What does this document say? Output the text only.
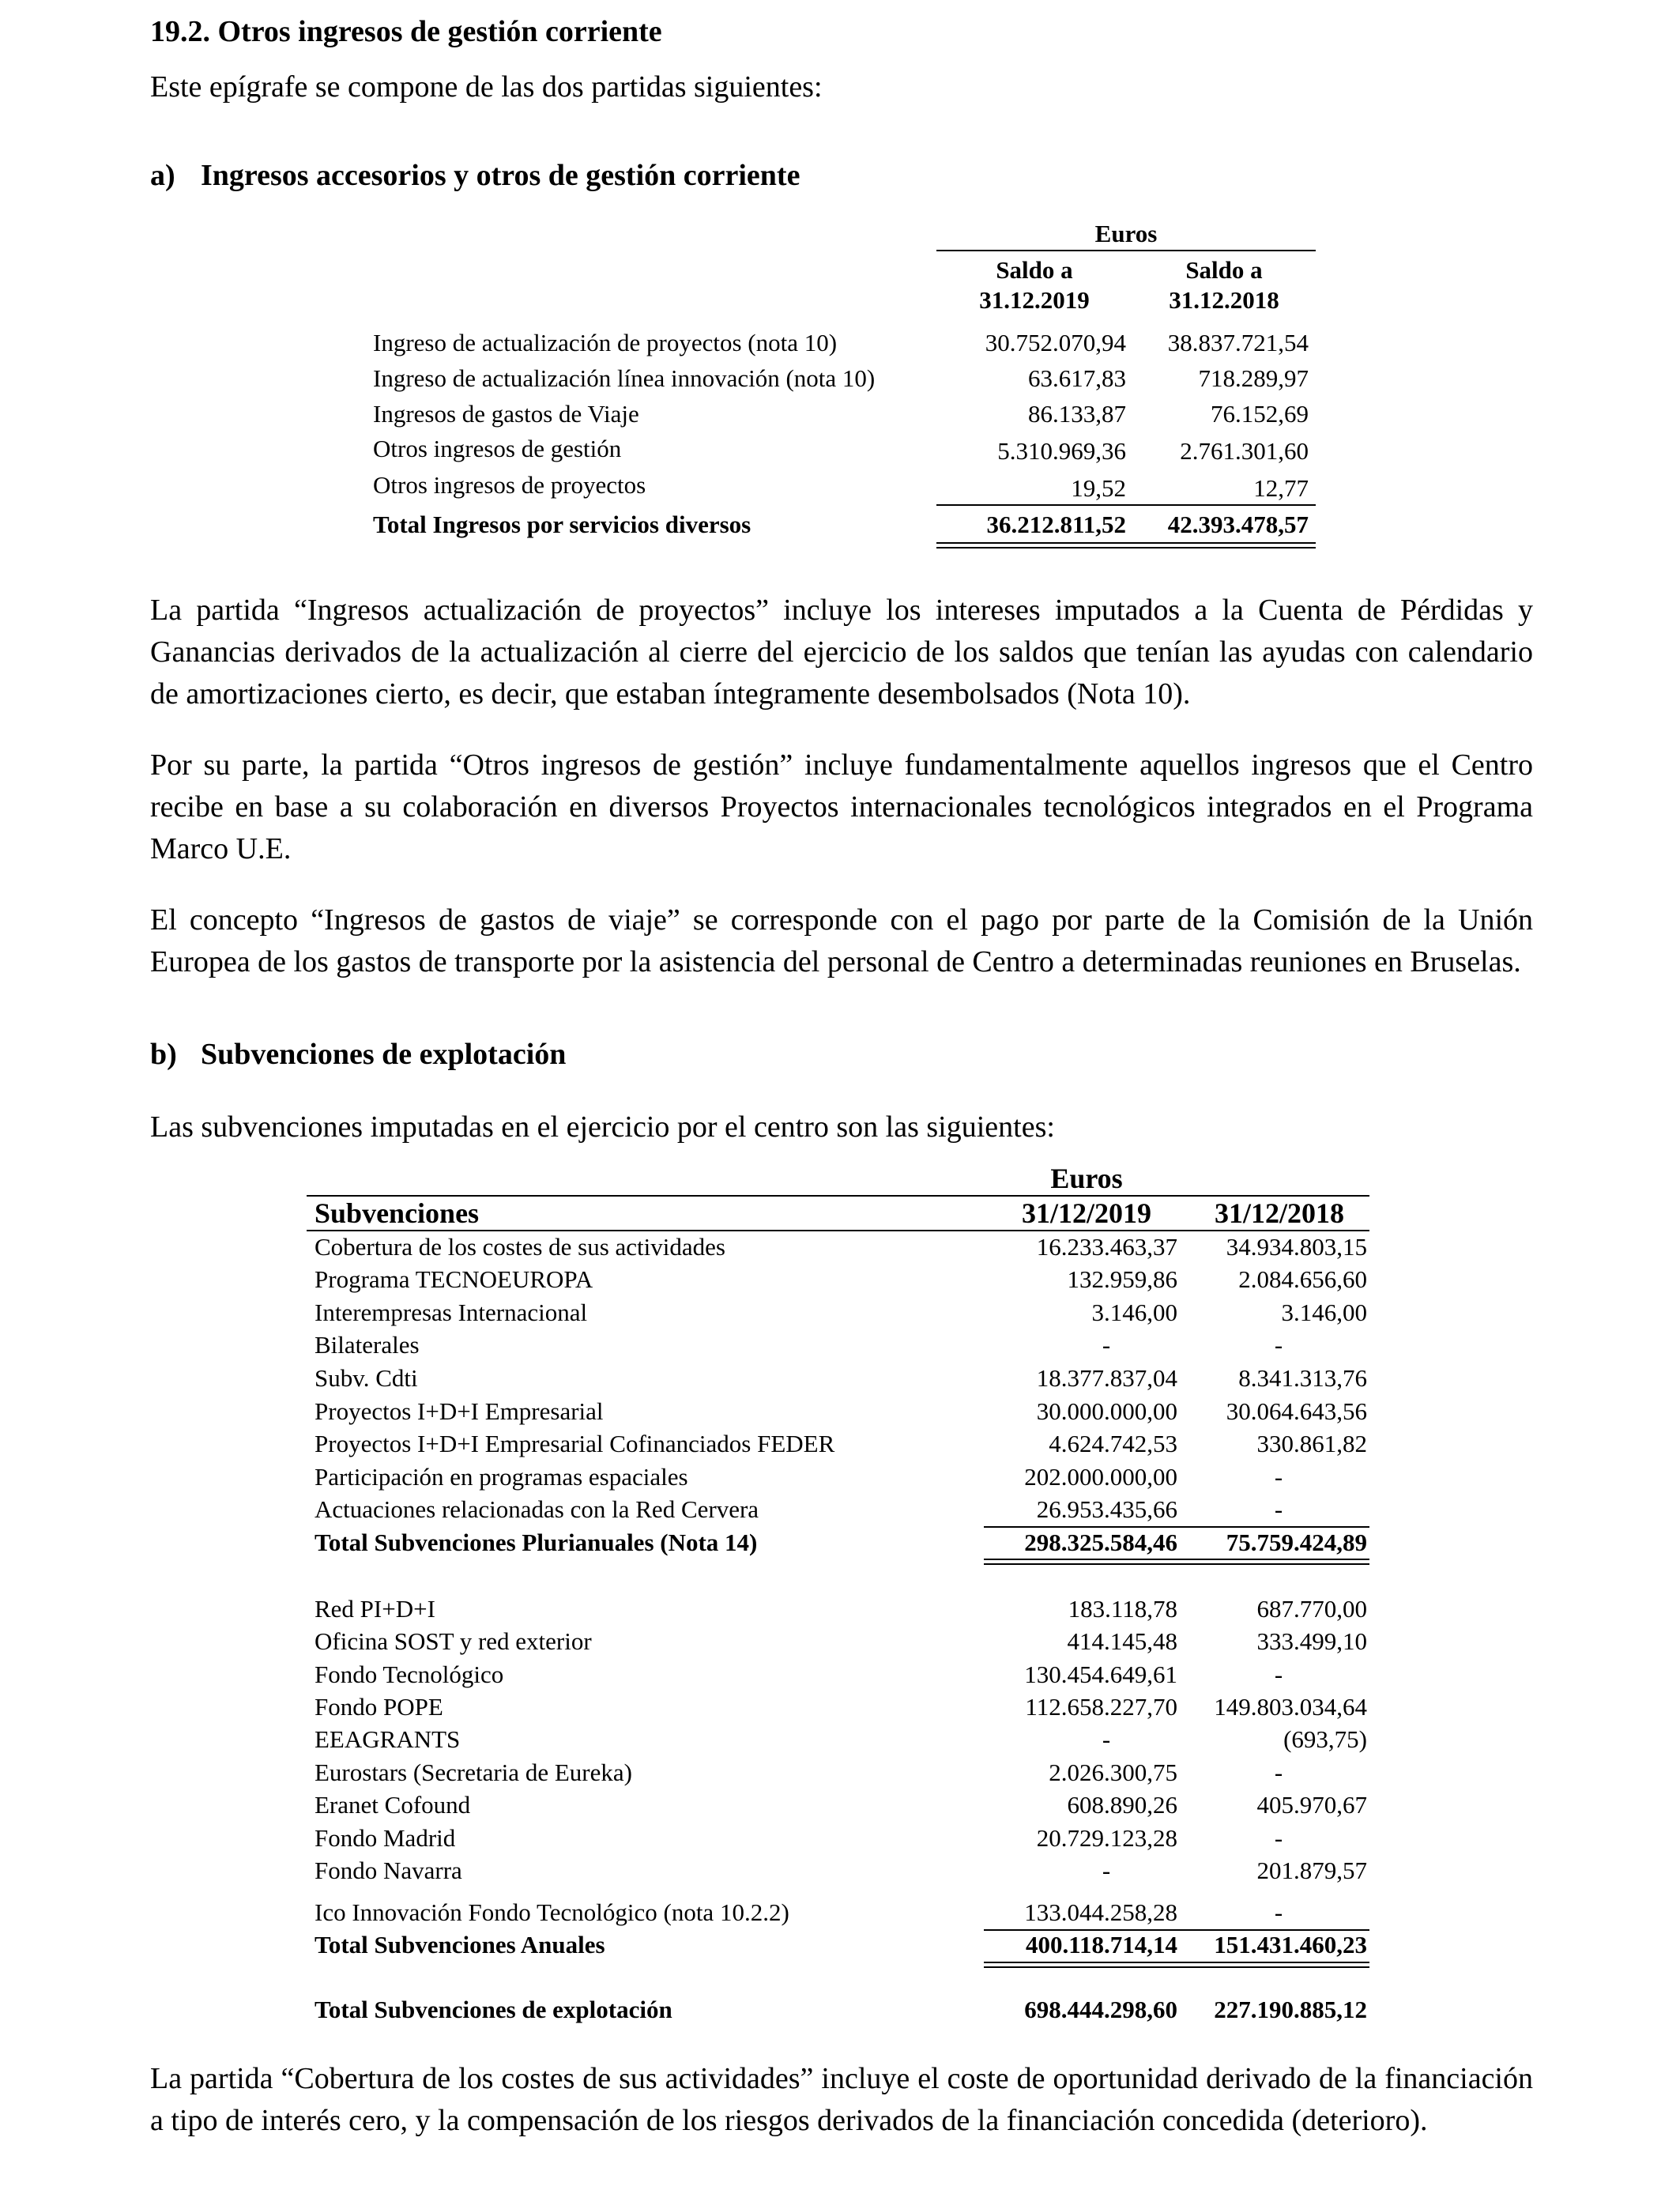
19.2. Otros ingresos de gestión corriente
Este epígrafe se compone de las dos partidas siguientes:
a) Ingresos accesorios y otros de gestión corriente
Euros
Saldo a
31.12.2019
Saldo a
31.12.2018
Ingreso de actualización de proyectos (nota 10)	30.752.070,94 38.837.721,54
Ingreso de actualización línea innovación (nota 10)	63.617,83	718.289,97
Ingresos de gastos de Viaje	86.133,87	76.152,69
Otros ingresos de gestión	5.310.969,36 2.761.301,60
Otros ingresos de proyectos	19,52	12,77
Total Ingresos por servicios diversos	36.212.811,52 42.393.478,57
La partida “Ingresos actualización de proyectos” incluye los intereses imputados a la Cuenta de Pérdidas y Ganancias derivados de la actualización al cierre del ejercicio de los saldos que tenían las ayudas con calendario de amortizaciones cierto, es decir, que estaban íntegramente desembolsados (Nota 10).
Por su parte, la partida “Otros ingresos de gestión” incluye fundamentalmente aquellos ingresos que el Centro recibe en base a su colaboración en diversos Proyectos internacionales tecnológicos integrados en el Programa Marco U.E.
El concepto “Ingresos de gastos de viaje” se corresponde con el pago por parte de la Comisión de la Unión Europea de los gastos de transporte por la asistencia del personal de Centro a determinadas reuniones en Bruselas.
b) Subvenciones de explotación
Las subvenciones imputadas en el ejercicio por el centro son las siguientes:
Euros
Subvenciones	31/12/2019	31/12/2018
Cobertura de los costes de sus actividades	16.233.463,37 34.934.803,15
Programa TECNOEUROPA	132.959,86 2.084.656,60
Interempresas Internacional	3.146,00	3.146,00
Bilaterales	-	-
Subv. Cdti	18.377.837,04 8.341.313,76
Proyectos I+D+I Empresarial	30.000.000,00 30.064.643,56
Proyectos I+D+I Empresarial Cofinanciados FEDER	4.624.742,53	330.861,82
Participación en programas espaciales	202.000.000,00	-
Actuaciones relacionadas con la Red Cervera	26.953.435,66	-
Total Subvenciones Plurianuales (Nota 14)	298.325.584,46 75.759.424,89
Red PI+D+I	183.118,78	687.770,00
Oficina SOST y red exterior	414.145,48	333.499,10
Fondo Tecnológico	130.454.649,61	-
Fondo POPE	112.658.227,70 149.803.034,64
EEAGRANTS	-	(693,75)
Eurostars (Secretaria de Eureka)	2.026.300,75	-
Eranet Cofound	608.890,26	405.970,67
Fondo Madrid	20.729.123,28	-
Fondo Navarra	-	201.879,57
Ico Innovación Fondo Tecnológico (nota 10.2.2)	133.044.258,28	-
Total Subvenciones Anuales	400.118.714,14 151.431.460,23
Total Subvenciones de explotación	698.444.298,60 227.190.885,12
La partida “Cobertura de los costes de sus actividades” incluye el coste de oportunidad derivado de la financiación a tipo de interés cero, y la compensación de los riesgos derivados de la financiación concedida (deterioro).
